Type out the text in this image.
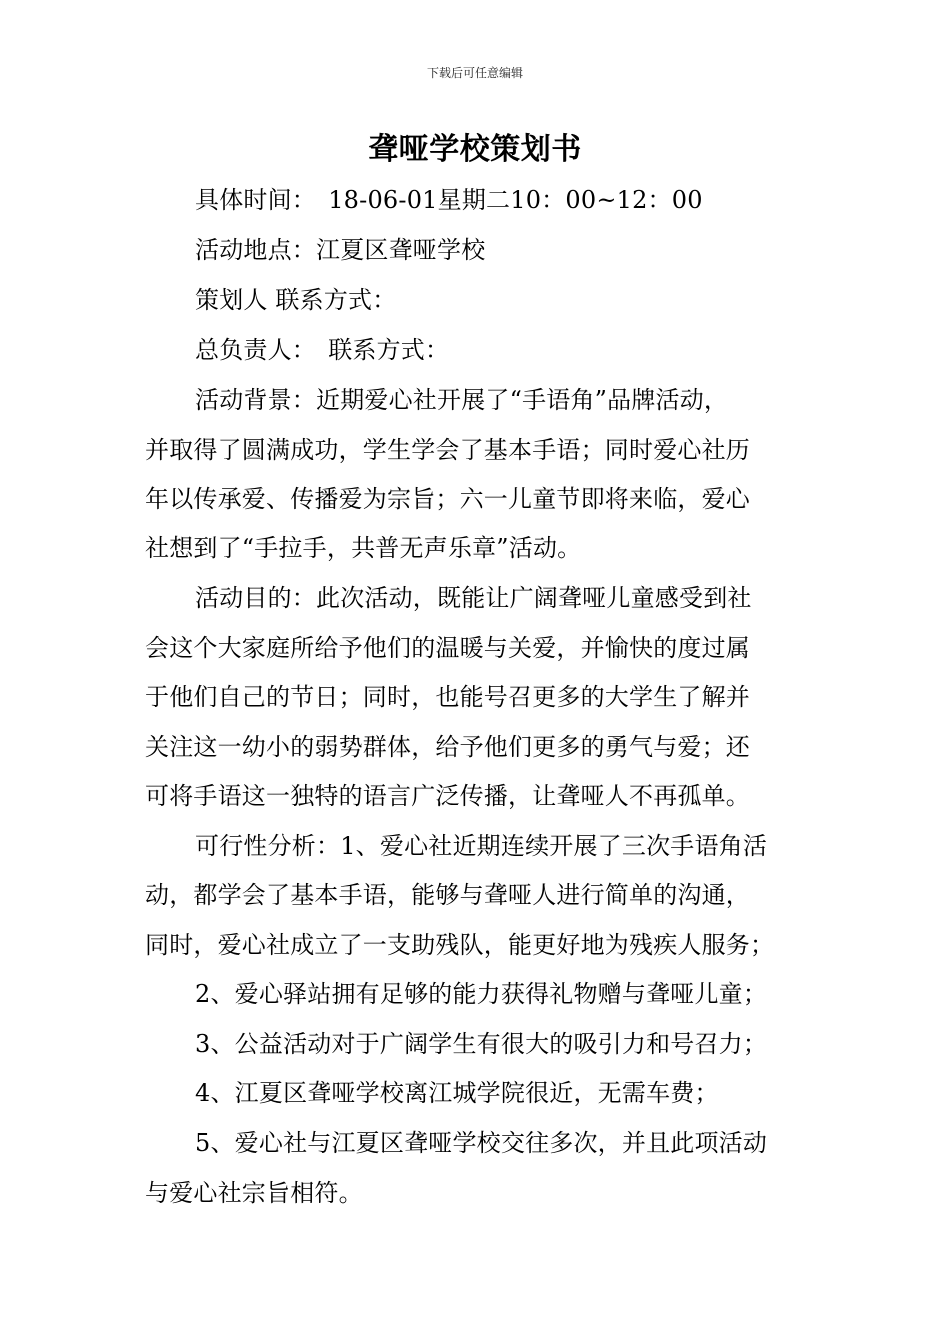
下载后可任意编辑
聋哑学校策划书
具体时间：　18-06-01星期二10：00~12：00
活动地点：江夏区聋哑学校
策划人 联系方式：
总负责人：　联系方式：
活动背景：近期爱心社开展了“手语角”品牌活动，
并取得了圆满成功，学生学会了基本手语；同时爱心社历
年以传承爱、传播爱为宗旨；六一儿童节即将来临，爱心
社想到了“手拉手，共普无声乐章”活动。
活动目的：此次活动，既能让广阔聋哑儿童感受到社
会这个大家庭所给予他们的温暖与关爱，并愉快的度过属
于他们自己的节日；同时，也能号召更多的大学生了解并
关注这一幼小的弱势群体，给予他们更多的勇气与爱；还
可将手语这一独特的语言广泛传播，让聋哑人不再孤单。
可行性分析：1、爱心社近期连续开展了三次手语角活
动，都学会了基本手语，能够与聋哑人进行简单的沟通，
同时，爱心社成立了一支助残队，能更好地为残疾人服务；
2、爱心驿站拥有足够的能力获得礼物赠与聋哑儿童；
3、公益活动对于广阔学生有很大的吸引力和号召力；
4、江夏区聋哑学校离江城学院很近，无需车费；
5、爱心社与江夏区聋哑学校交往多次，并且此项活动
与爱心社宗旨相符。
